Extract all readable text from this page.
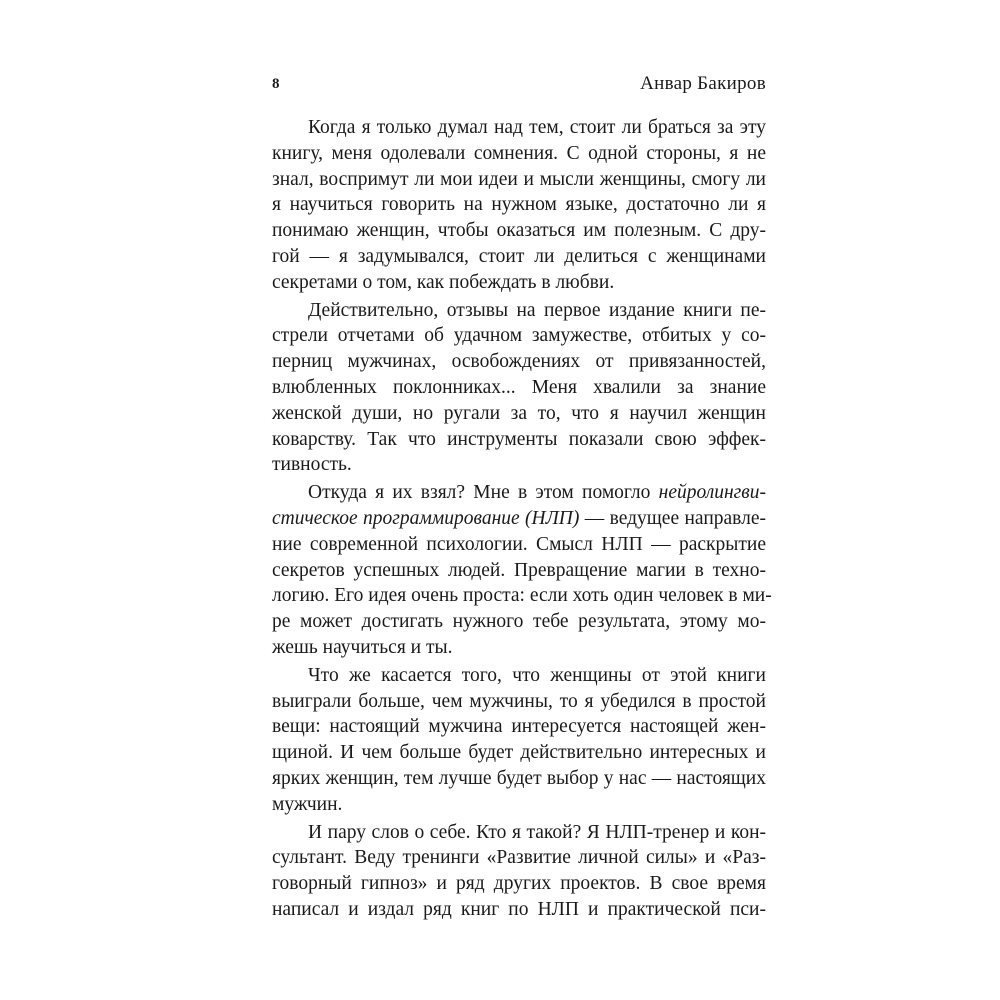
8	Анвар Бакиров

Когда я только думал над тем, стоит ли браться за эту
книгу, меня одолевали сомнения. С одной стороны, я не
знал, воспримут ли мои идеи и мысли женщины, смогу ли
я научиться говорить на нужном языке, достаточно ли я
понимаю женщин, чтобы оказаться им полезным. С дру-
гой — я задумывался, стоит ли делиться с женщинами
секретами о том, как побеждать в любви.

Действительно, отзывы на первое издание книги пе-
стрели отчетами об удачном замужестве, отбитых у со-
перниц мужчинах, освобождениях от привязанностей,
влюбленных поклонниках... Меня хвалили за знание
женской души, но ругали за то, что я научил женщин
коварству. Так что инструменты показали свою эффек-
тивность.

Откуда я их взял? Мне в этом помогло нейролингви-
стическое программирование (НЛП) — ведущее направле-
ние современной психологии. Смысл НЛП — раскрытие
секретов успешных людей. Превращение магии в техно-
логию. Его идея очень проста: если хоть один человек в ми-
ре может достигать нужного тебе результата, этому мо-
жешь научиться и ты.

Что же касается того, что женщины от этой книги
выиграли больше, чем мужчины, то я убедился в простой
вещи: настоящий мужчина интересуется настоящей жен-
щиной. И чем больше будет действительно интересных и
ярких женщин, тем лучше будет выбор у нас — настоящих
мужчин.

И пару слов о себе. Кто я такой? Я НЛП-тренер и кон-
сультант. Веду тренинги «Развитие личной силы» и «Раз-
говорный гипноз» и ряд других проектов. В свое время
написал и издал ряд книг по НЛП и практической пси-
